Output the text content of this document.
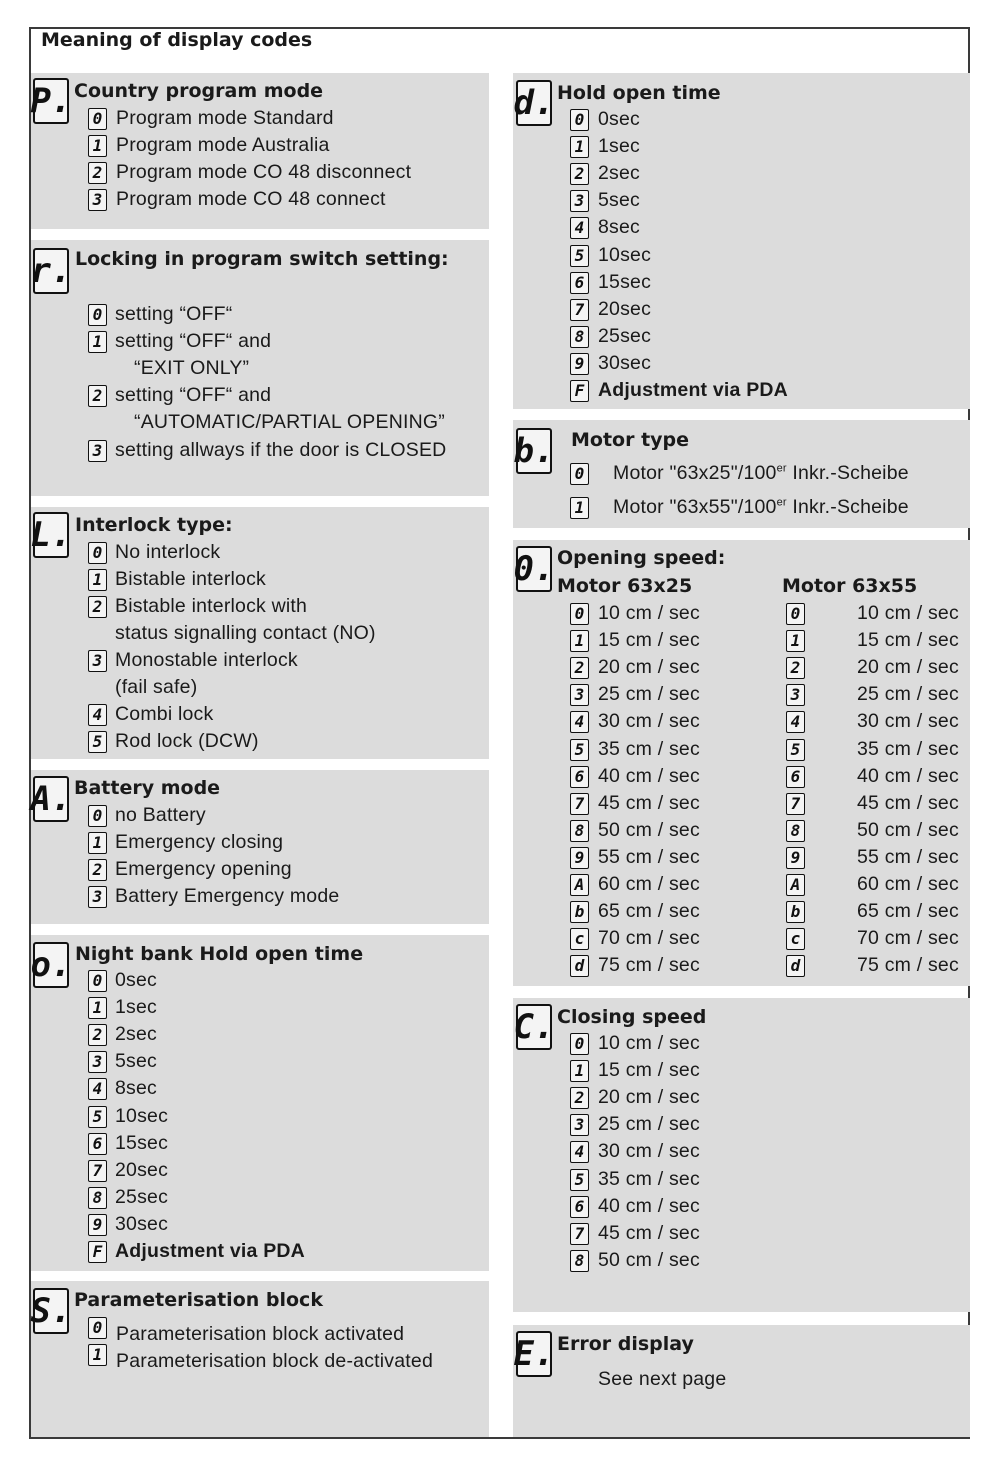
Meaning of display codes
P. Country program mode
0 Program mode Standard
1 Program mode Australia
2 Program mode CO 48 disconnect
3 Program mode CO 48 connect
r. Locking in program switch setting:
0 setting “OFF“
1 setting “OFF“ and
“EXIT ONLY”
2 setting “OFF“ and
“AUTOMATIC/PARTIAL OPENING”
3 setting allways if the door is CLOSED
L. Interlock type:
0 No interlock
1 Bistable interlock
2 Bistable interlock with
status signalling contact (NO)
3 Monostable interlock
(fail safe)
4 Combi lock
5 Rod lock (DCW)
A. Battery mode
0 no Battery
1 Emergency closing
2 Emergency opening
3 Battery Emergency mode
o. Night bank Hold open time
0 0sec
1 1sec
2 2sec
3 5sec
4 8sec
5 10sec
6 15sec
7 20sec
8 25sec
9 30sec
F Adjustment via PDA
S. Parameterisation block
0 Parameterisation block activated
1 Parameterisation block de-activated
d. Hold open time
0 0sec
1 1sec
2 2sec
3 5sec
4 8sec
5 10sec
6 15sec
7 20sec
8 25sec
9 30sec
F Adjustment via PDA
b. Motor type
0 Motor "63x25"/100er Inkr.-Scheibe
1 Motor "63x55"/100er Inkr.-Scheibe
0. Opening speed:
Motor 63x25	Motor 63x55
0 10 cm / sec	0	10 cm / sec
1 15 cm / sec	1	15 cm / sec
2 20 cm / sec	2	20 cm / sec
3 25 cm / sec	3	25 cm / sec
4 30 cm / sec	4	30 cm / sec
5 35 cm / sec	5	35 cm / sec
6 40 cm / sec	6	40 cm / sec
7 45 cm / sec	7	45 cm / sec
8 50 cm / sec	8	50 cm / sec
9 55 cm / sec	9	55 cm / sec
A 60 cm / sec	A	60 cm / sec
b 65 cm / sec	b	65 cm / sec
c 70 cm / sec	c	70 cm / sec
d 75 cm / sec	d	75 cm / sec
C. Closing speed
0 10 cm / sec
1 15 cm / sec
2 20 cm / sec
3 25 cm / sec
4 30 cm / sec
5 35 cm / sec
6 40 cm / sec
7 45 cm / sec
8 50 cm / sec
E. Error display
See next page
